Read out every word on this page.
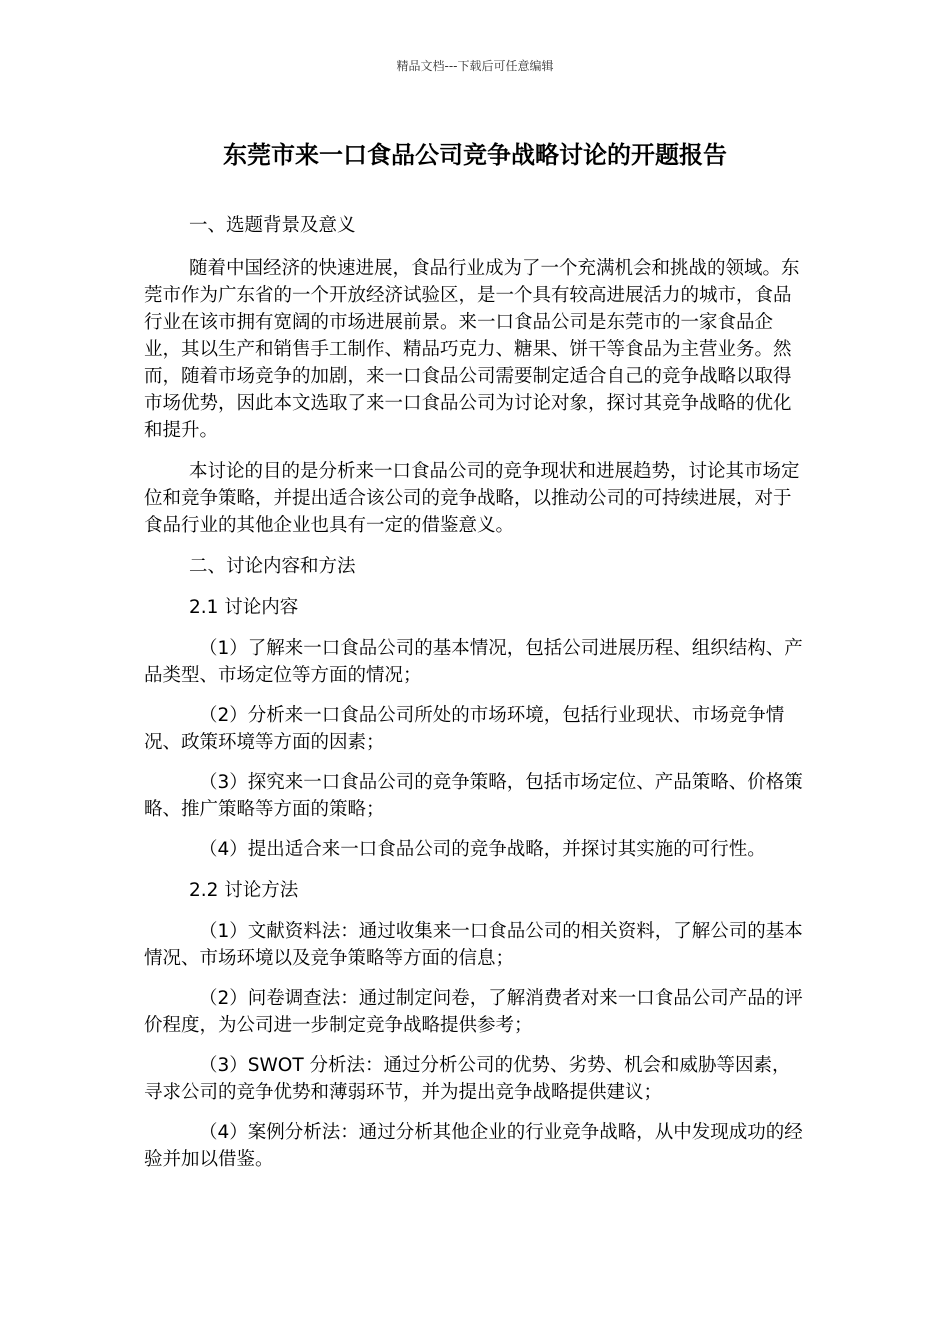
精品文档---下载后可任意编辑
东莞市来一口食品公司竞争战略讨论的开题报告

一、选题背景及意义

随着中国经济的快速进展，食品行业成为了一个充满机会和挑战的领域。东莞市作为广东省的一个开放经济试验区，是一个具有较高进展活力的城市，食品行业在该市拥有宽阔的市场进展前景。来一口食品公司是东莞市的一家食品企业，其以生产和销售手工制作、精品巧克力、糖果、饼干等食品为主营业务。然而，随着市场竞争的加剧，来一口食品公司需要制定适合自己的竞争战略以取得市场优势，因此本文选取了来一口食品公司为讨论对象，探讨其竞争战略的优化和提升。

本讨论的目的是分析来一口食品公司的竞争现状和进展趋势，讨论其市场定位和竞争策略，并提出适合该公司的竞争战略，以推动公司的可持续进展，对于食品行业的其他企业也具有一定的借鉴意义。

二、讨论内容和方法

2.1 讨论内容

（1）了解来一口食品公司的基本情况，包括公司进展历程、组织结构、产品类型、市场定位等方面的情况；

（2）分析来一口食品公司所处的市场环境，包括行业现状、市场竞争情况、政策环境等方面的因素；

（3）探究来一口食品公司的竞争策略，包括市场定位、产品策略、价格策略、推广策略等方面的策略；

（4）提出适合来一口食品公司的竞争战略，并探讨其实施的可行性。

2.2 讨论方法

（1）文献资料法：通过收集来一口食品公司的相关资料，了解公司的基本情况、市场环境以及竞争策略等方面的信息；

（2）问卷调查法：通过制定问卷，了解消费者对来一口食品公司产品的评价程度，为公司进一步制定竞争战略提供参考；

（3）SWOT 分析法：通过分析公司的优势、劣势、机会和威胁等因素，寻求公司的竞争优势和薄弱环节，并为提出竞争战略提供建议；

（4）案例分析法：通过分析其他企业的行业竞争战略，从中发现成功的经验并加以借鉴。
